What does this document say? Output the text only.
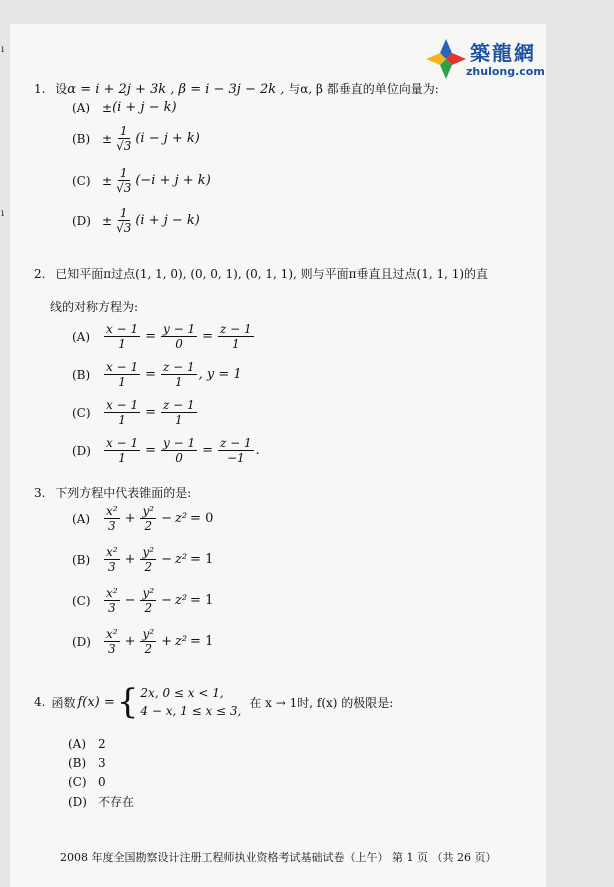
ı
ı
築龍網
zhulong.com
1. 设α = i + 2j + 3k , β = i − 3j − 2k , 与α, β 都垂直的单位向量为:
(A) ± (i + j − k)
$(B) \pm \frac{1}{√3} (i - j + k)$
$(C) \pm \frac{1}{√3} (-i + j + k)$
$(D) \pm \frac{1}{√3} (i + j - k)$
2. 已知平面π过点(1, 1, 0), (0, 0, 1), (0, 1, 1), 则与平面π垂直且过点(1, 1, 1)的直
线的对称方程为:
(A)	$\frac{x - 1}{1} = \frac{y - 1}{0} = \frac{z - 1}{1}$
(B)	$\frac{x - 1}{1} = \frac{z - 1}{1}$ , y = 1
(C)	$\frac{x - 1}{1} = \frac{z - 1}{1}$
(D)	$\frac{x - 1}{1} = \frac{y - 1}{0} = \frac{z - 1}{-1}$ .
3. 下列方程中代表锥面的是:
(A)	$\frac{\text{x²}}{3} + \frac{\text{y²}}{2} - z^2 = 0$
(B)	$\frac{\text{x²}}{3} + \frac{\text{y²}}{2} - z^2 = 1$
(C)	$\frac{\text{x²}}{3} - \frac{\text{y²}}{2} - z^2 = 1$
(D)	$\frac{\text{x²}}{3} + \frac{\text{y²}}{2} + z^2 = 1$
4. 函数 f(x) = { 2x, 0 ≤ x < 1,
4 − x, 1 ≤ x ≤ 3,
在 x → 1时, f(x) 的极限是:
(A) 2
(B) 3
(C) 0
(D) 不存在
2008 年度全国勘察设计注册工程师执业资格考试基础试卷（上午） 第 1 页 （共 26 页）
